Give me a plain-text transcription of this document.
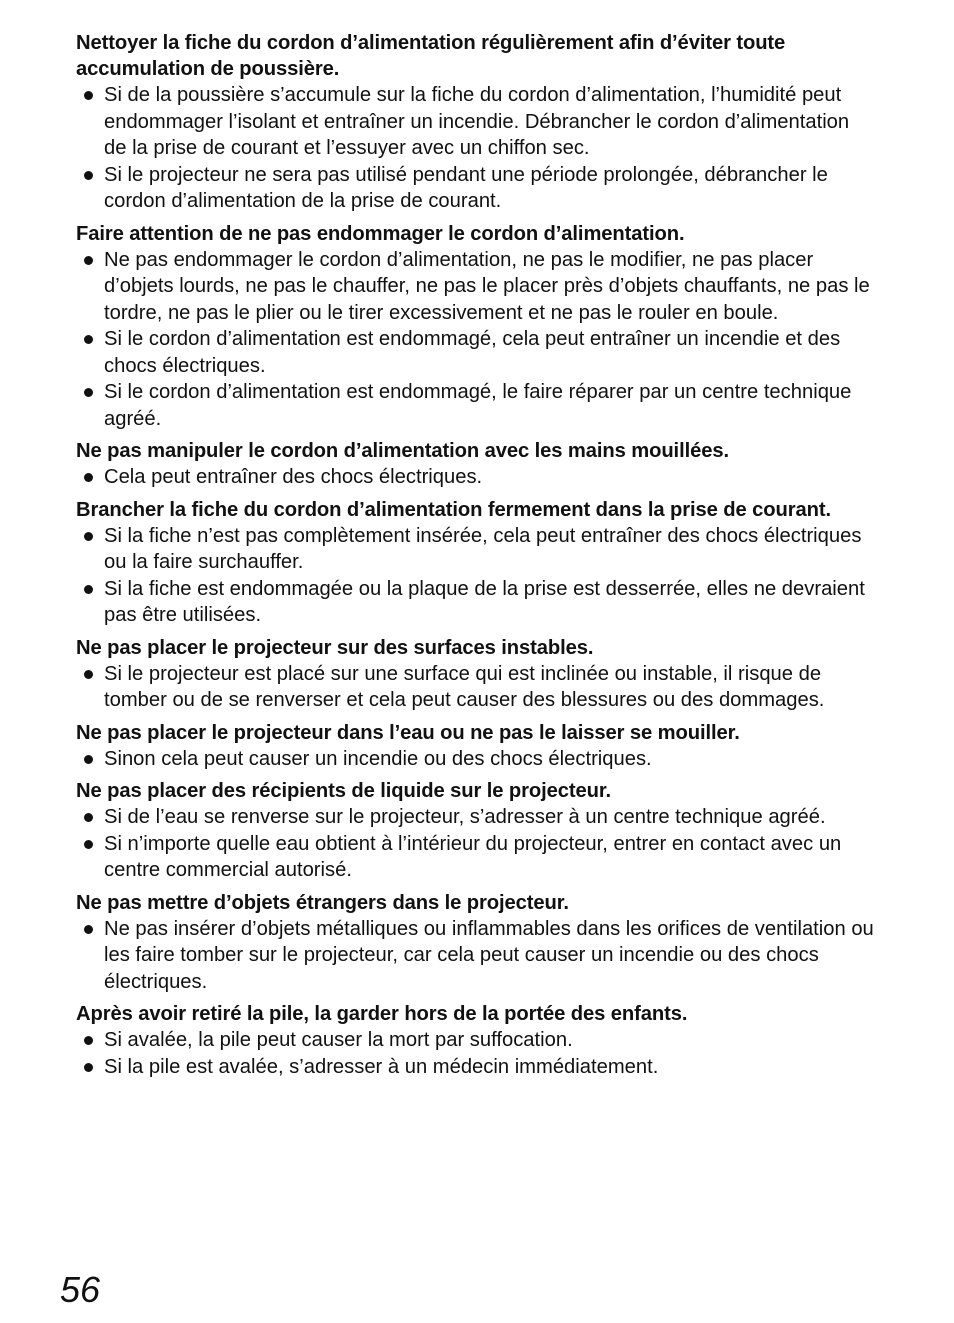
Nettoyer la fiche du cordon d’alimentation régulièrement afin d’éviter toute accumulation de poussière.

Si de la poussière s’accumule sur la fiche du cordon d’alimentation, l’humidité peut endommager l’isolant et entraîner un incendie. Débrancher le cordon d’alimentation de la prise de courant et l’essuyer avec un chiffon sec.
Si le projecteur ne sera pas utilisé pendant une période prolongée, débrancher le cordon d’alimentation de la prise de courant.

Faire attention de ne pas endommager le cordon d’alimentation.

Ne pas endommager le cordon d’alimentation, ne pas le modifier, ne pas placer d’objets lourds, ne pas le chauffer, ne pas le placer près d’objets chauffants, ne pas le tordre, ne pas le plier ou le tirer excessivement et ne pas le rouler en boule.
Si le cordon d’alimentation est endommagé, cela peut entraîner un incendie et des chocs électriques.
Si le cordon d’alimentation est endommagé, le faire réparer par un centre technique agréé.

Ne pas manipuler le cordon d’alimentation avec les mains mouillées.

Cela peut entraîner des chocs électriques.

Brancher la fiche du cordon d’alimentation fermement dans la prise de courant.

Si la fiche n’est pas complètement insérée, cela peut entraîner des chocs électriques ou la faire surchauffer.
Si la fiche est endommagée ou la plaque de la prise est desserrée, elles ne devraient pas être utilisées.

Ne pas placer le projecteur sur des surfaces instables.

Si le projecteur est placé sur une surface qui est inclinée ou instable, il risque de tomber ou de se renverser et cela peut causer des blessures ou des dommages.

Ne pas placer le projecteur dans l’eau ou ne pas le laisser se mouiller.

Sinon cela peut causer un incendie ou des chocs électriques.

Ne pas placer des récipients de liquide sur le projecteur.

Si de l’eau se renverse sur le projecteur, s’adresser à un centre technique agréé.
Si n’importe quelle eau obtient à l’intérieur du projecteur, entrer en contact avec un centre commercial autorisé.

Ne pas mettre d’objets étrangers dans le projecteur.

Ne pas insérer d’objets métalliques ou inflammables dans les orifices de ventilation ou les faire tomber sur le projecteur, car cela peut causer un incendie ou des chocs électriques.

Après avoir retiré la pile, la garder hors de la portée des enfants.

Si avalée, la pile peut causer la mort par suffocation.
Si la pile est avalée, s’adresser à un médecin immédiatement.
56
